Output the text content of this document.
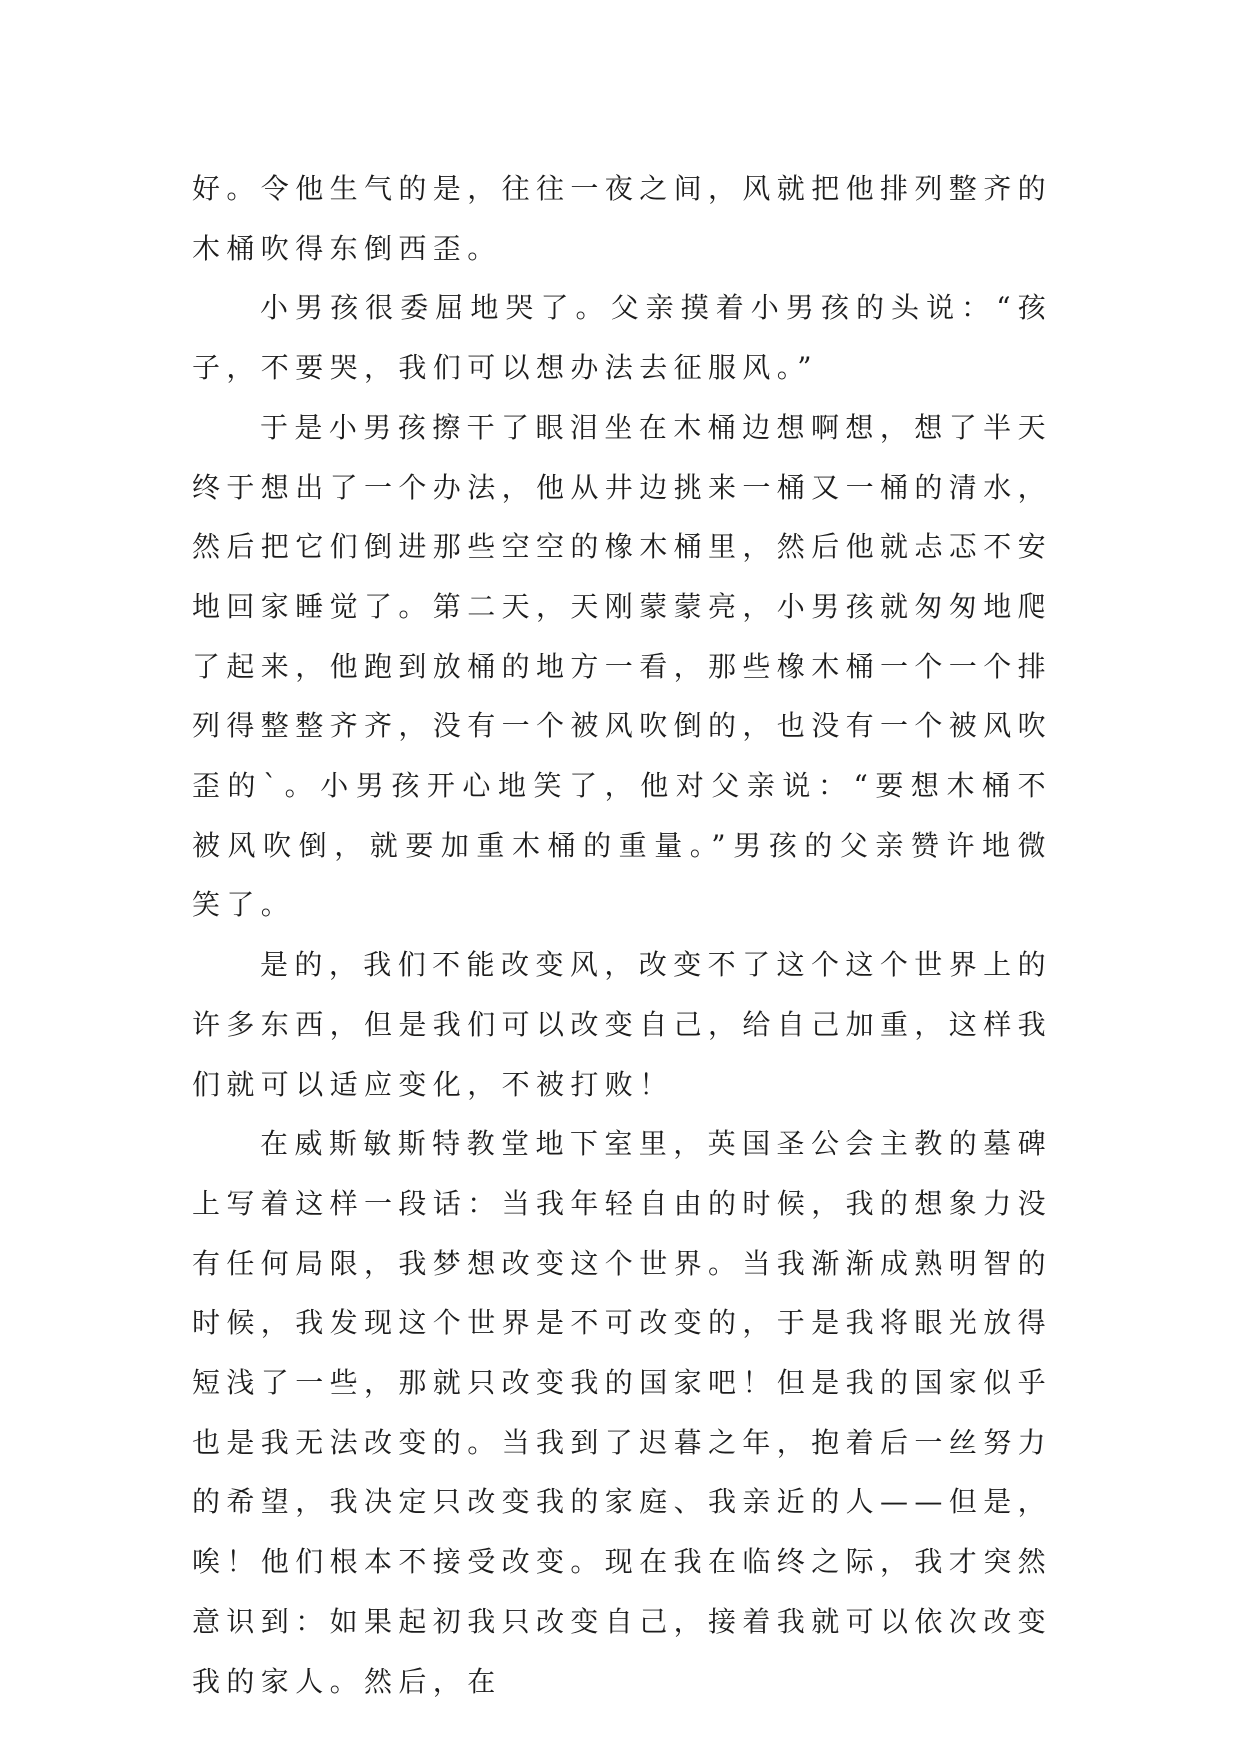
好。令他生气的是，往往一夜之间，风就把他排列整齐的木桶吹得东倒西歪。

小男孩很委屈地哭了。父亲摸着小男孩的头说：“孩子，不要哭，我们可以想办法去征服风。”

于是小男孩擦干了眼泪坐在木桶边想啊想，想了半天终于想出了一个办法，他从井边挑来一桶又一桶的清水，然后把它们倒进那些空空的橡木桶里，然后他就忐忑不安地回家睡觉了。第二天，天刚蒙蒙亮，小男孩就匆匆地爬了起来，他跑到放桶的地方一看，那些橡木桶一个一个排列得整整齐齐，没有一个被风吹倒的，也没有一个被风吹歪的`。小男孩开心地笑了，他对父亲说：“要想木桶不被风吹倒，就要加重木桶的重量。”男孩的父亲赞许地微笑了。

是的，我们不能改变风，改变不了这个这个世界上的许多东西，但是我们可以改变自己，给自己加重，这样我们就可以适应变化，不被打败！

在威斯敏斯特教堂地下室里，英国圣公会主教的墓碑上写着这样一段话：当我年轻自由的时候，我的想象力没有任何局限，我梦想改变这个世界。当我渐渐成熟明智的时候，我发现这个世界是不可改变的，于是我将眼光放得短浅了一些，那就只改变我的国家吧！但是我的国家似乎也是我无法改变的。当我到了迟暮之年，抱着后一丝努力的希望，我决定只改变我的家庭、我亲近的人——但是，唉！他们根本不接受改变。现在我在临终之际，我才突然意识到：如果起初我只改变自己，接着我就可以依次改变我的家人。然后，在
